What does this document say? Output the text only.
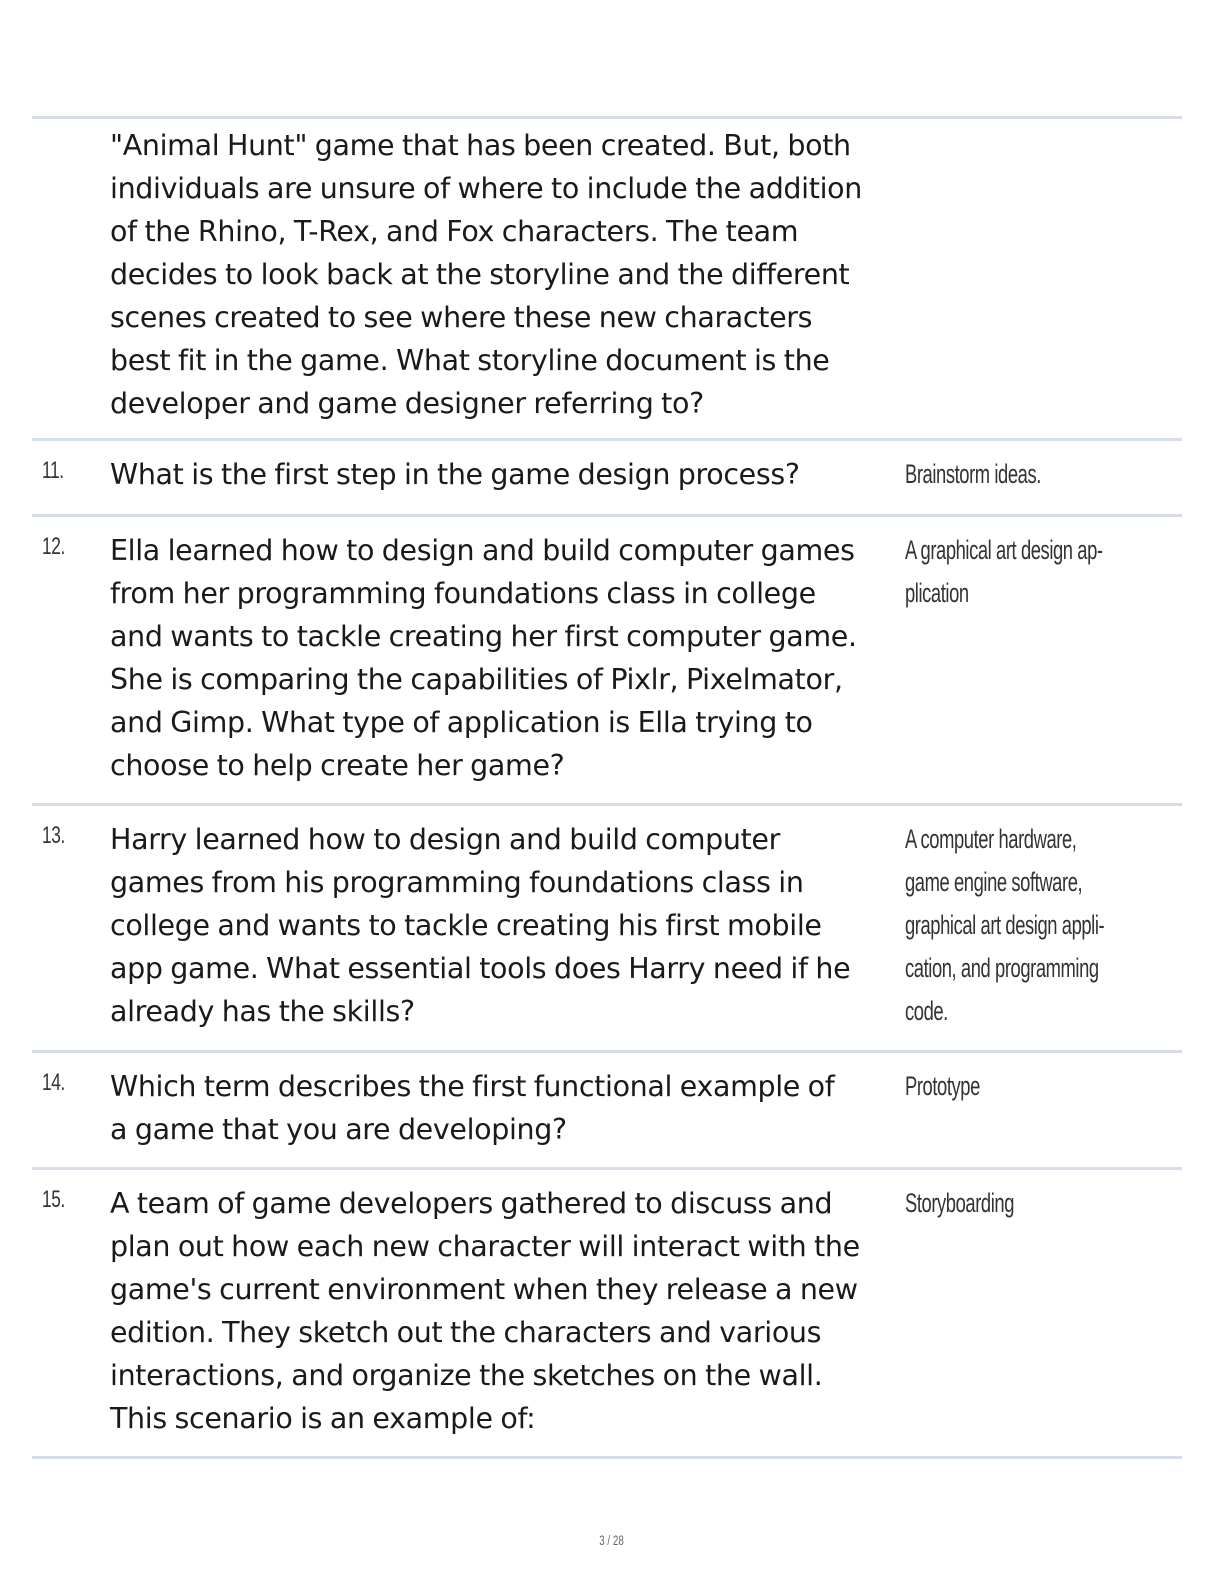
"Animal Hunt" game that has been created. But, both
individuals are unsure of where to include the addition
of the Rhino, T-Rex, and Fox characters. The team
decides to look back at the storyline and the different
scenes created to see where these new characters
best fit in the game. What storyline document is the
developer and game designer referring to?
11. What is the first step in the game design process?	Brainstorm ideas.
12. Ella learned how to design and build computer games
from her programming foundations class in college
and wants to tackle creating her first computer game.
She is comparing the capabilities of Pixlr, Pixelmator,
and Gimp. What type of application is Ella trying to
choose to help create her game?
A graphical art design ap-
plication
13. Harry learned how to design and build computer
games from his programming foundations class in
college and wants to tackle creating his first mobile
app game. What essential tools does Harry need if he
already has the skills?
A computer hardware,
game engine software,
graphical art design appli-
cation, and programming
code.
14. Which term describes the first functional example of
a game that you are developing?
Prototype
15. A team of game developers gathered to discuss and
plan out how each new character will interact with the
game's current environment when they release a new
edition. They sketch out the characters and various
interactions, and organize the sketches on the wall.
This scenario is an example of:
Storyboarding
3 / 28
